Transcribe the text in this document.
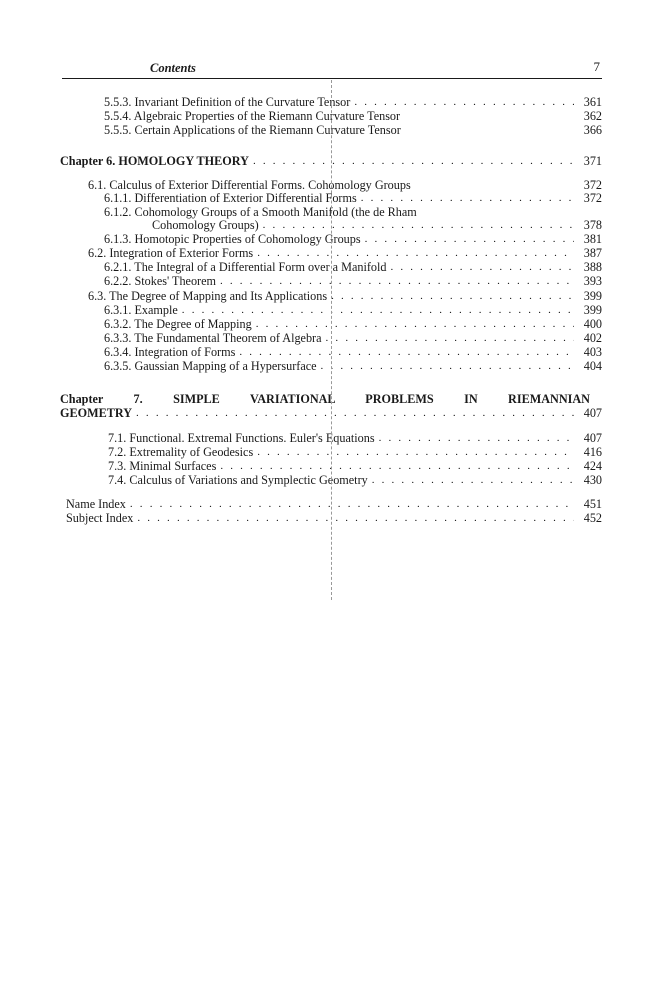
Contents	7
5.5.3. Invariant Definition of the Curvature Tensor . . .	361
5.5.4. Algebraic Properties of the Riemann Curvature Tensor	362
5.5.5. Certain Applications of the Riemann Curvature Tensor	366
Chapter 6. HOMOLOGY THEORY . . .	371
6.1. Calculus of Exterior Differential Forms. Cohomology Groups	372
6.1.1. Differentiation of Exterior Differential Forms . . .	372
6.1.2. Cohomology Groups of a Smooth Manifold (the de Rham
Cohomology Groups) . . .	378
6.1.3. Homotopic Properties of Cohomology Groups . . .	381
6.2. Integration of Exterior Forms . . .	387
6.2.1. The Integral of a Differential Form over a Manifold . . .	388
6.2.2. Stokes' Theorem . . .	393
6.3. The Degree of Mapping and Its Applications . . .	399
6.3.1. Example . . .	399
6.3.2. The Degree of Mapping . . .	400
6.3.3. The Fundamental Theorem of Algebra . . .	402
6.3.4. Integration of Forms . . .	403
6.3.5. Gaussian Mapping of a Hypersurface . . .	404
Chapter 7. SIMPLE VARIATIONAL PROBLEMS IN RIEMANNIAN
GEOMETRY . . .	407
7.1. Functional. Extremal Functions. Euler's Equations . . .	407
7.2. Extremality of Geodesics . . .	416
7.3. Minimal Surfaces . . .	424
7.4. Calculus of Variations and Symplectic Geometry . . .	430
Name Index . . .	451
Subject Index . . .	452
